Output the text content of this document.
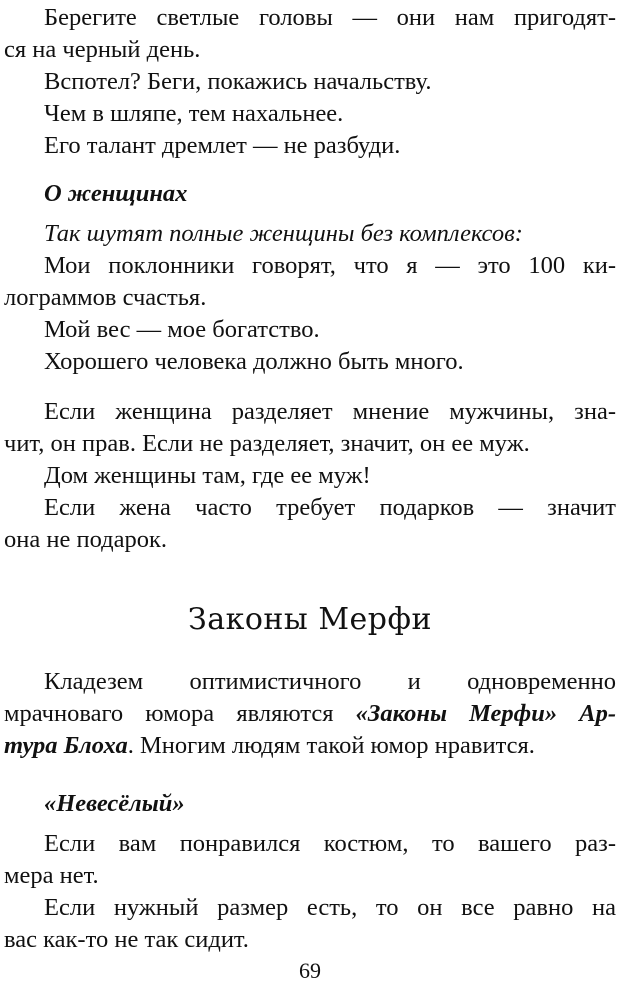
Берегите светлые головы — они нам пригодят-

ся на черный день.

Вспотел? Беги, покажись начальству.

Чем в шляпе, тем нахальнее.

Его талант дремлет — не разбуди.

О женщинах

Так шутят полные женщины без комплексов:

Мои поклонники говорят, что я — это 100 ки-

лограммов счастья.

Мой вес — мое богатство.

Хорошего человека должно быть много.

Если женщина разделяет мнение мужчины, зна-

чит, он прав. Если не разделяет, значит, он ее муж.

Дом женщины там, где ее муж!

Если жена часто требует подарков — значит

она не подарок.

Законы Мерфи

Кладезем оптимистичного и одновременно

мрачноваго юмора являются «Законы Мерфи» Ар-

тура Блоха. Многим людям такой юмор нравится.

«Невесёлый»

Если вам понравился костюм, то вашего раз-

мера нет.

Если нужный размер есть, то он все равно на

вас как-то не так сидит.

69
